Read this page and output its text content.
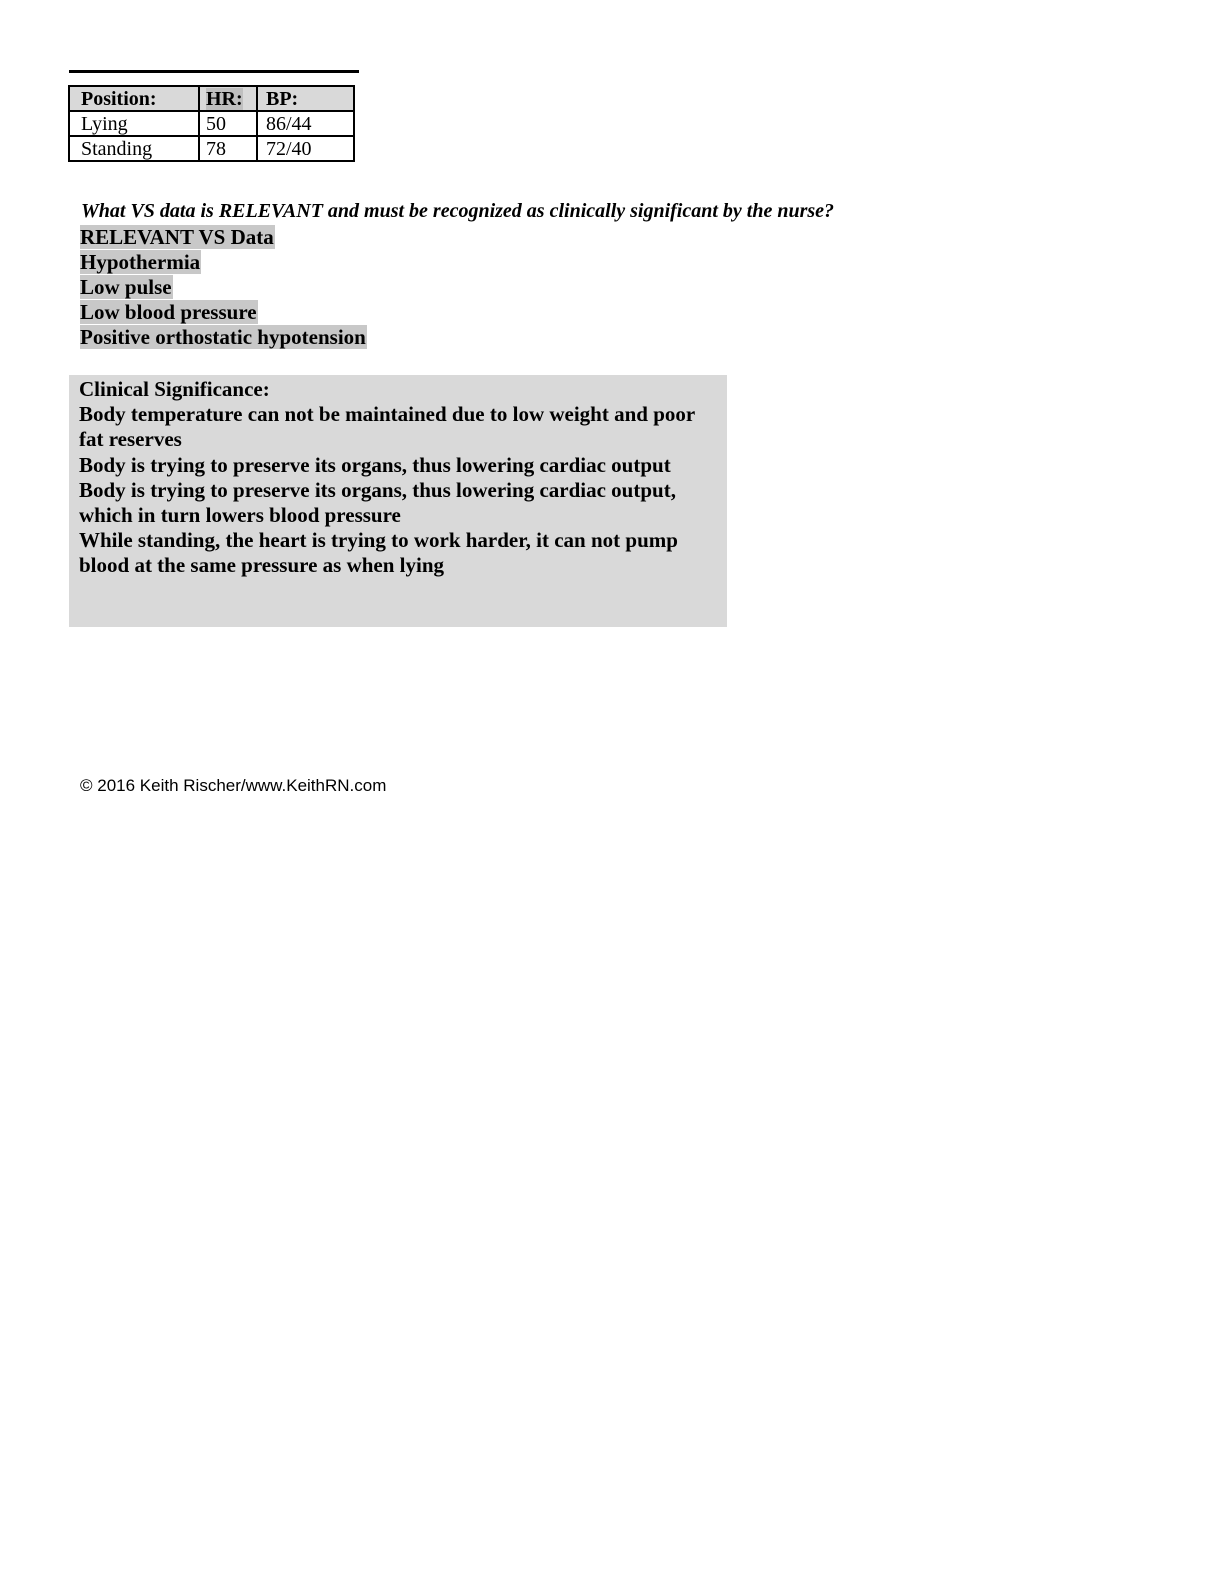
Position:	HR:	BP:
Lying	50	86/44
Standing	78	72/40
What VS data is RELEVANT and must be recognized as clinically significant by the nurse?
RELEVANT VS Data
Hypothermia
Low pulse
Low blood pressure
Positive orthostatic hypotension
Clinical Significance:
Body temperature can not be maintained due to low weight and poor fat reserves
Body is trying to preserve its organs, thus lowering cardiac output
Body is trying to preserve its organs, thus lowering cardiac output, which in turn lowers blood pressure
While standing, the heart is trying to work harder, it can not pump blood at the same pressure as when lying
© 2016 Keith Rischer/www.KeithRN.com
